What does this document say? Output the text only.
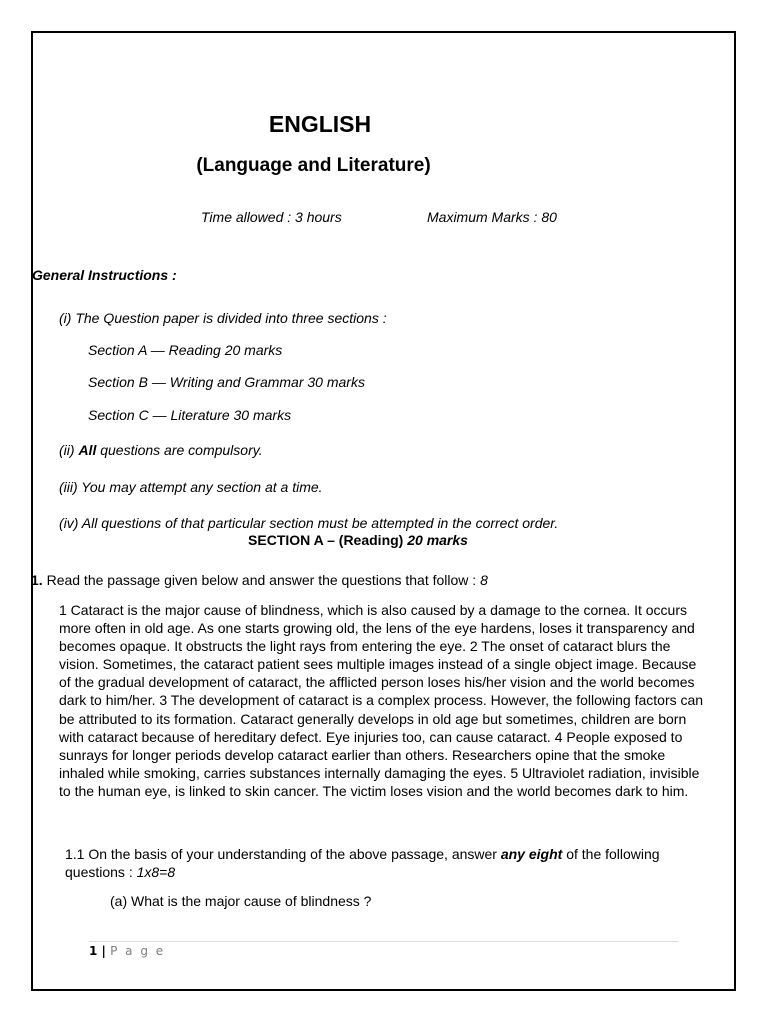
ENGLISH
(Language and Literature)
Time allowed : 3 hours	Maximum Marks : 80
General Instructions :
(i) The Question paper is divided into three sections :
Section A — Reading 20 marks
Section B — Writing and Grammar 30 marks
Section C — Literature 30 marks
(ii) All questions are compulsory.
(iii) You may attempt any section at a time.
(iv) All questions of that particular section must be attempted in the correct order.
SECTION A – (Reading) 20 marks
1. Read the passage given below and answer the questions that follow : 8
1 Cataract is the major cause of blindness, which is also caused by a damage to the cornea. It occurs more often in old age. As one starts growing old, the lens of the eye hardens, loses it transparency and becomes opaque. It obstructs the light rays from entering the eye. 2 The onset of cataract blurs the vision. Sometimes, the cataract patient sees multiple images instead of a single object image. Because of the gradual development of cataract, the afflicted person loses his/her vision and the world becomes dark to him/her. 3 The development of cataract is a complex process. However, the following factors can be attributed to its formation. Cataract generally develops in old age but sometimes, children are born with cataract because of hereditary defect. Eye injuries too, can cause cataract. 4 People exposed to sunrays for longer periods develop cataract earlier than others. Researchers opine that the smoke inhaled while smoking, carries substances internally damaging the eyes. 5 Ultraviolet radiation, invisible to the human eye, is linked to skin cancer. The victim loses vision and the world becomes dark to him.
1.1 On the basis of your understanding of the above passage, answer any eight of the following questions : 1x8=8
(a) What is the major cause of blindness ?
1 | P a g e
